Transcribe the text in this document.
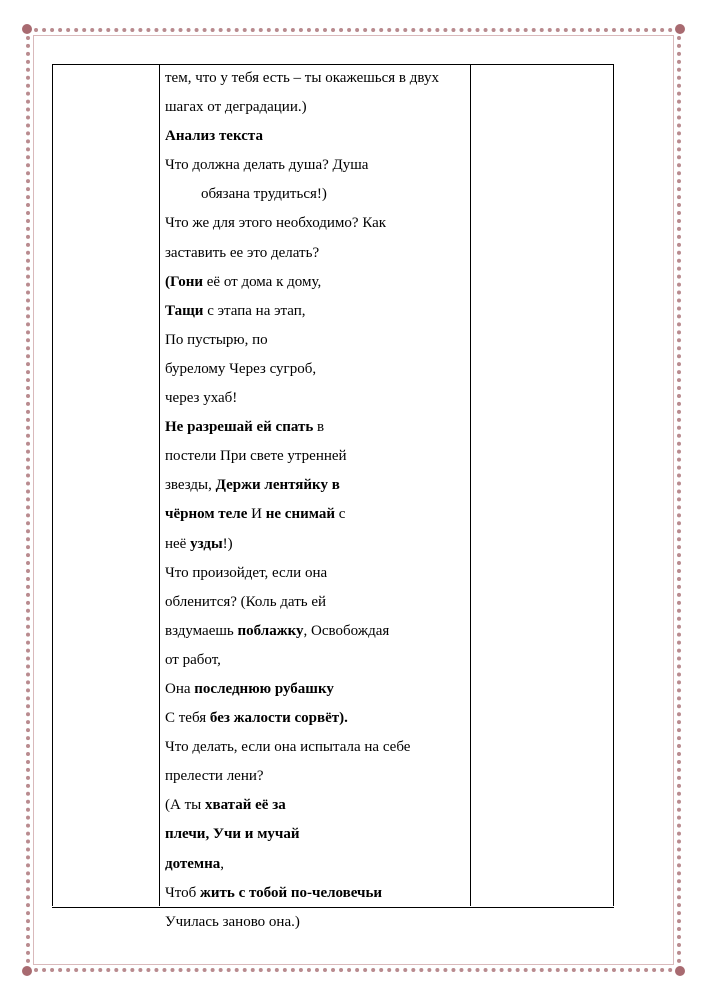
тем, что у тебя есть – ты окажешься в двух
шагах от деградации.)
Анализ текста
Что должна делать душа? Душа
обязана трудиться!)
Что же для этого необходимо? Как
заставить ее это делать?
(Гони её от дома к дому,
Тащи с этапа на этап,
По пустырю, по
бурелому Через сугроб,
через ухаб!
Не разрешай ей спать в
постели При свете утренней
звезды, Держи лентяйку в
чёрном теле И не снимай с
неё узды!)
Что произойдет, если она
обленится? (Коль дать ей
вздумаешь поблажку, Освобождая
от работ,
Она последнюю рубашку
С тебя без жалости сорвёт).
Что делать, если она испытала на себе
прелести лени?
(А ты хватай её за
плечи, Учи и мучай
дотемна,
Чтоб жить с тобой по-человечьи
Училась заново она.)
